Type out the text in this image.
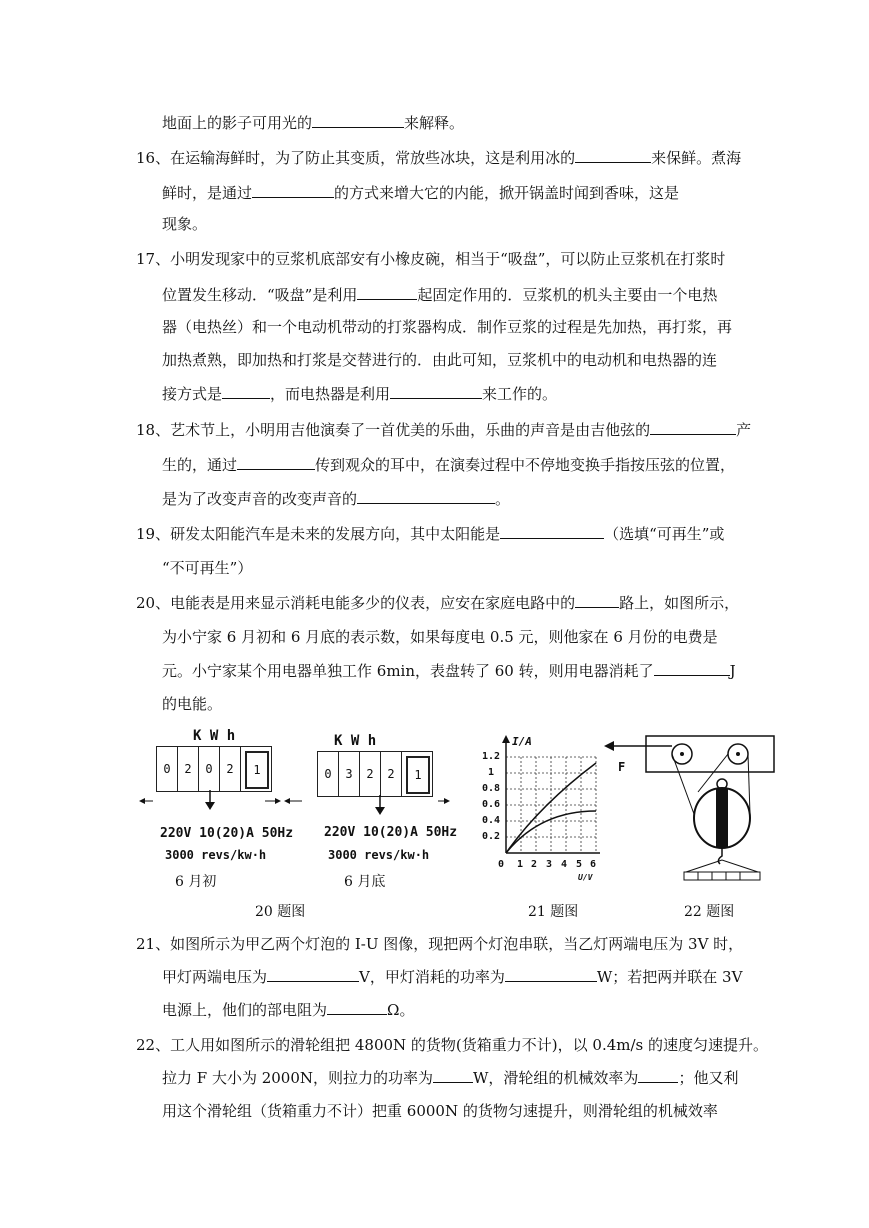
地面上的影子可用光的	来解释。
16、在运输海鲜时，为了防止其变质，常放些冰块，这是利用冰的	来保鲜。煮海
鲜时，是通过	的方式来增大它的内能，掀开锅盖时闻到香味，这是
现象。
17、小明发现家中的豆浆机底部安有小橡皮碗，相当于“吸盘”，可以防止豆浆机在打浆时
位置发生移动．“吸盘”是利用	起固定作用的．豆浆机的机头主要由一个电热
器（电热丝）和一个电动机带动的打浆器构成．制作豆浆的过程是先加热，再打浆，再
加热煮熟，即加热和打浆是交替进行的．由此可知，豆浆机中的电动机和电热器的连
接方式是	，而电热器是利用	来工作的。
18、艺术节上，小明用吉他演奏了一首优美的乐曲，乐曲的声音是由吉他弦的	产
生的，通过	传到观众的耳中，在演奏过程中不停地变换手指按压弦的位置，
是为了改变声音的改变声音的	。
19、研发太阳能汽车是未来的发展方向，其中太阳能是	（选填“可再生”或
“不可再生”）
20、电能表是用来显示消耗电能多少的仪表，应安在家庭电路中的	路上，如图所示，
为小宁家 6 月初和 6 月底的表示数，如果每度电 0.5 元，则他家在 6 月份的电费是
元。小宁家某个用电器单独工作 6min，表盘转了 60 转，则用电器消耗了	J
的电能。
K W h
0	2	0	2	1
220V 10(20)A 50Hz
3000 revs/kw·h
6 月初
K W h
0	3	2	2	1
220V 10(20)A 50Hz
3000 revs/kw·h
6 月底
I/A
1.2
1
0.8
0.6
0.4
0.2
0 1 2 3 4 5 6
U/V
F
20 题图	21 题图	22 题图
21、如图所示为甲乙两个灯泡的 I-U 图像，现把两个灯泡串联，当乙灯两端电压为 3V 时，
甲灯两端电压为	V，甲灯消耗的功率为	W；若把两并联在 3V
电源上，他们的部电阻为	Ω。
22、工人用如图所示的滑轮组把 4800N 的货物(货箱重力不计)，以 0.4m/s 的速度匀速提升。
拉力 F 大小为 2000N，则拉力的功率为	W，滑轮组的机械效率为	；他又利
用这个滑轮组（货箱重力不计）把重 6000N 的货物匀速提升，则滑轮组的机械效率
